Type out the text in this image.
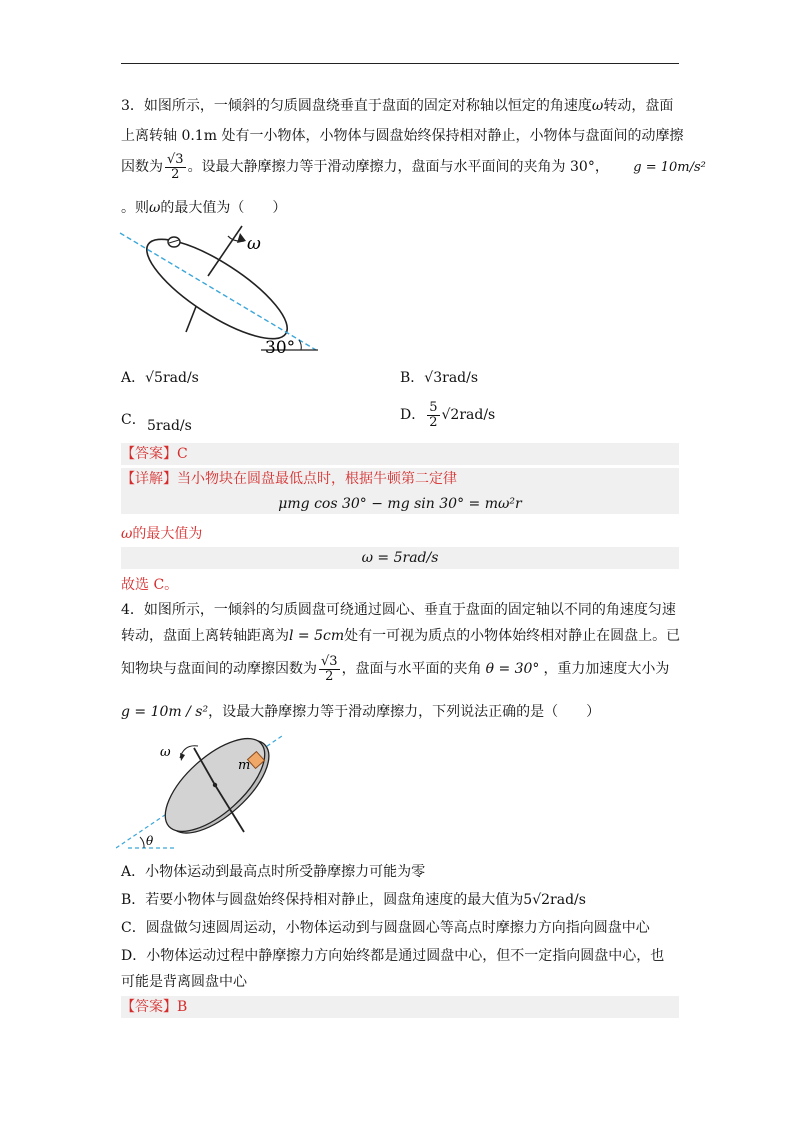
3．如图所示，一倾斜的匀质圆盘绕垂直于盘面的固定对称轴以恒定的角速度ω转动，盘面
上离转轴 0.1m 处有一小物体，小物体与圆盘始终保持相对静止，小物体与盘面间的动摩擦
因数为 $\frac{√3}{2}$ 。设最大静摩擦力等于滑动摩擦力，盘面与水平面间的夹角为 30°， g = 10m/s²
。则ω的最大值为（　　）
ω
30°
A．√5rad/s	B．√3rad/s
C． 5rad/s
D． $\frac{5}{2} √2rad/s$
【答案】C
【详解】当小物块在圆盘最低点时，根据牛顿第二定律
μmg cos 30° − mg sin 30° = mω²r
ω的最大值为
ω = 5rad/s
故选 C。
4．如图所示，一倾斜的匀质圆盘可绕通过圆心、垂直于盘面的固定轴以不同的角速度匀速
转动，盘面上离转轴距离为l = 5cm处有一可视为质点的小物体始终相对静止在圆盘上。已
知物块与盘面间的动摩擦因数为 $\frac{√3}{2}$ ，盘面与水平面的夹角 θ = 30° ，重力加速度大小为
g = 10m / s²，设最大静摩擦力等于滑动摩擦力，下列说法正确的是（　　）
ω
m
θ
A．小物体运动到最高点时所受静摩擦力可能为零
B．若要小物体与圆盘始终保持相对静止，圆盘角速度的最大值为5√2rad/s
C．圆盘做匀速圆周运动，小物体运动到与圆盘圆心等高点时摩擦力方向指向圆盘中心
D．小物体运动过程中静摩擦力方向始终都是通过圆盘中心，但不一定指向圆盘中心，也
可能是背离圆盘中心
【答案】B
